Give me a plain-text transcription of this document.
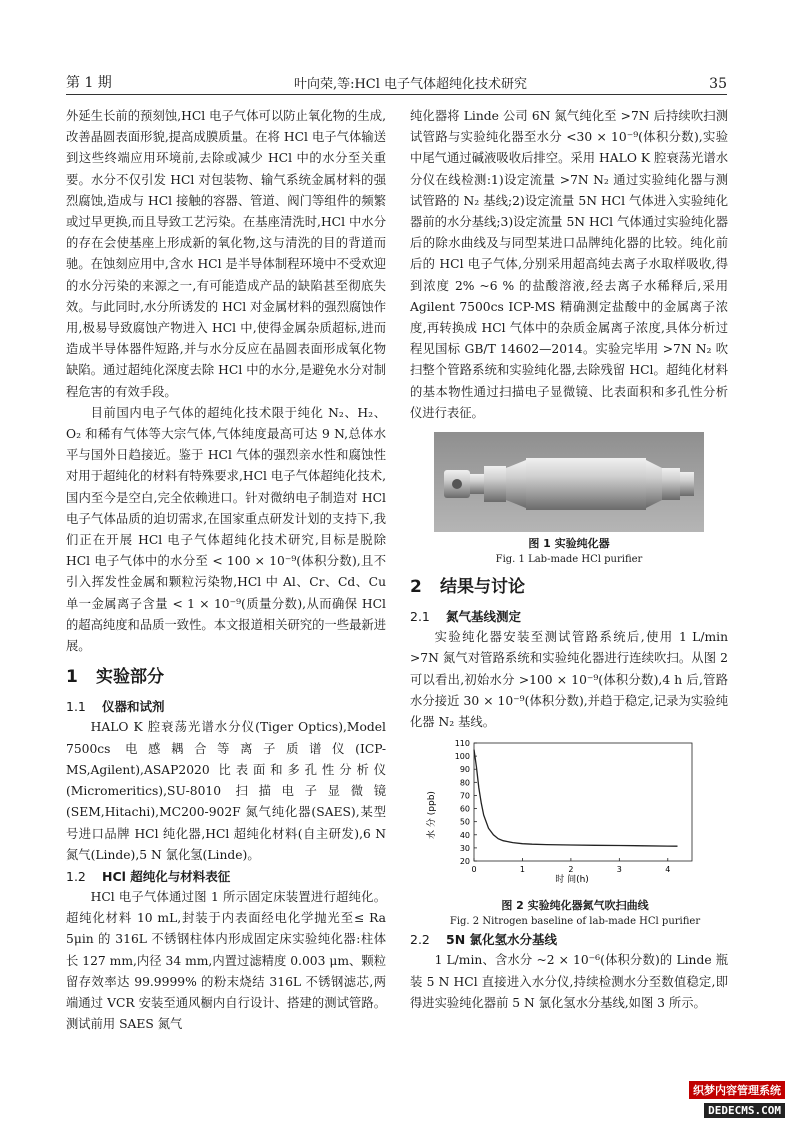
第 1 期	叶向荣,等:HCl 电子气体超纯化技术研究	35

外延生长前的预刻蚀,HCl 电子气体可以防止氧化物的生成,改善晶圆表面形貌,提高成膜质量。在将 HCl 电子气体输送到这些终端应用环境前,去除或减少 HCl 中的水分至关重要。水分不仅引发 HCl 对包装物、输气系统金属材料的强烈腐蚀,造成与 HCl 接触的容器、管道、阀门等组件的频繁或过早更换,而且导致工艺污染。在基座清洗时,HCl 中水分的存在会使基座上形成新的氧化物,这与清洗的目的背道而驰。在蚀刻应用中,含水 HCl 是半导体制程环境中不受欢迎的水分污染的来源之一,有可能造成产品的缺陷甚至彻底失效。与此同时,水分所诱发的 HCl 对金属材料的强烈腐蚀作用,极易导致腐蚀产物进入 HCl 中,使得金属杂质超标,进而造成半导体器件短路,并与水分反应在晶圆表面形成氧化物缺陷。通过超纯化深度去除 HCl 中的水分,是避免水分对制程危害的有效手段。

目前国内电子气体的超纯化技术限于纯化 N₂、H₂、O₂ 和稀有气体等大宗气体,气体纯度最高可达 9 N,总体水平与国外日趋接近。鉴于 HCl 气体的强烈亲水性和腐蚀性对用于超纯化的材料有特殊要求,HCl 电子气体超纯化技术,国内至今是空白,完全依赖进口。针对微纳电子制造对 HCl 电子气体品质的迫切需求,在国家重点研发计划的支持下,我们正在开展 HCl 电子气体超纯化技术研究,目标是脱除 HCl 电子气体中的水分至 < 100 × 10⁻⁹(体积分数),且不引入挥发性金属和颗粒污染物,HCl 中 Al、Cr、Cd、Cu 单一金属离子含量 < 1 × 10⁻⁹(质量分数),从而确保 HCl 的超高纯度和品质一致性。本文报道相关研究的一些最新进展。

1 实验部分
1.1 仪器和试剂

HALO K 腔衰荡光谱水分仪(Tiger Optics),Model 7500cs 电感耦合等离子质谱仪(ICP-MS,Agilent),ASAP2020 比表面和多孔性分析仪(Micromeritics),SU-8010 扫描电子显微镜(SEM,Hitachi),MC200-902F 氮气纯化器(SAES),某型号进口品牌 HCl 纯化器,HCl 超纯化材料(自主研发),6 N 氮气(Linde),5 N 氯化氢(Linde)。

1.2 HCl 超纯化与材料表征

HCl 电子气体通过图 1 所示固定床装置进行超纯化。超纯化材料 10 mL,封装于内表面经电化学抛光至≤ Ra 5μin 的 316L 不锈钢柱体内形成固定床实验纯化器:柱体长 127 mm,内径 34 mm,内置过滤精度 0.003 μm、颗粒留存效率达 99.9999% 的粉末烧结 316L 不锈钢滤芯,两端通过 VCR 安装至通风橱内自行设计、搭建的测试管路。测试前用 SAES 氮气

纯化器将 Linde 公司 6N 氮气纯化至 >7N 后持续吹扫测试管路与实验纯化器至水分 <30 × 10⁻⁹(体积分数),实验中尾气通过碱液吸收后排空。采用 HALO K 腔衰荡光谱水分仪在线检测:1)设定流量 >7N N₂ 通过实验纯化器与测试管路的 N₂ 基线;2)设定流量 5N HCl 气体进入实验纯化器前的水分基线;3)设定流量 5N HCl 气体通过实验纯化器后的除水曲线及与同型某进口品牌纯化器的比较。纯化前后的 HCl 电子气体,分别采用超高纯去离子水取样吸收,得到浓度 2% ~6 % 的盐酸溶液,经去离子水稀释后,采用 Agilent 7500cs ICP-MS 精确测定盐酸中的金属离子浓度,再转换成 HCl 气体中的杂质金属离子浓度,具体分析过程见国标 GB/T 14602—2014。实验完毕用 >7N N₂ 吹扫整个管路系统和实验纯化器,去除残留 HCl。超纯化材料的基本物性通过扫描电子显微镜、比表面积和多孔性分析仪进行表征。

图 1 实验纯化器
Fig. 1 Lab-made HCl purifier
2 结果与讨论
2.1 氮气基线测定

实验纯化器安装至测试管路系统后,使用 1 L/min >7N 氮气对管路系统和实验纯化器进行连续吹扫。从图 2 可以看出,初始水分 >100 × 10⁻⁹(体积分数),4 h 后,管路水分接近 30 × 10⁻⁹(体积分数),并趋于稳定,记录为实验纯化器 N₂ 基线。

20
30
40
50
60
70
80
90
100
110
0	1	2	3	4
水 分 (ppb)
时 间(h)
图 2 实验纯化器氮气吹扫曲线
Fig. 2 Nitrogen baseline of lab-made HCl purifier
2.2 5N 氯化氢水分基线

1 L/min、含水分 ~2 × 10⁻⁶(体积分数)的 Linde 瓶装 5 N HCl 直接进入水分仪,持续检测水分至数值稳定,即得进实验纯化器前 5 N 氯化氢水分基线,如图 3 所示。

织梦内容管理系统
DEDECMS.COM
